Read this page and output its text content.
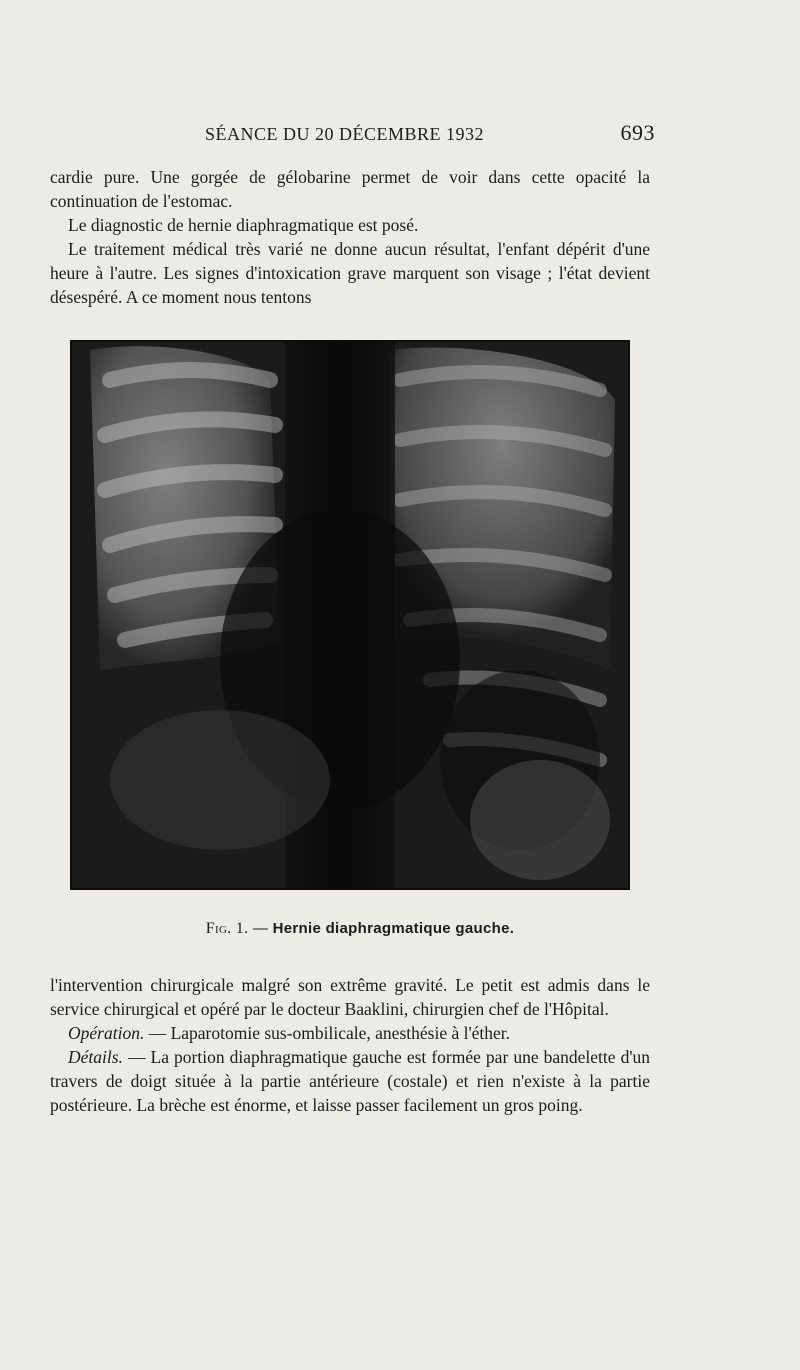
SÉANCE DU 20 DÉCEMBRE 1932	693

cardie pure. Une gorgée de gélobarine permet de voir dans cette opacité la continuation de l'estomac.

Le diagnostic de hernie diaphragmatique est posé.

Le traitement médical très varié ne donne aucun résultat, l'enfant dépérit d'une heure à l'autre. Les signes d'intoxication grave marquent son visage ; l'état devient désespéré. A ce moment nous tentons

Fig. 1. — Hernie diaphragmatique gauche.

l'intervention chirurgicale malgré son extrême gravité. Le petit est admis dans le service chirurgical et opéré par le docteur Baaklini, chirurgien chef de l'Hôpital.

Opération. — Laparotomie sus-ombilicale, anesthésie à l'éther.

Détails. — La portion diaphragmatique gauche est formée par une bandelette d'un travers de doigt située à la partie antérieure (costale) et rien n'existe à la partie postérieure. La brèche est énorme, et laisse passer facilement un gros poing.
